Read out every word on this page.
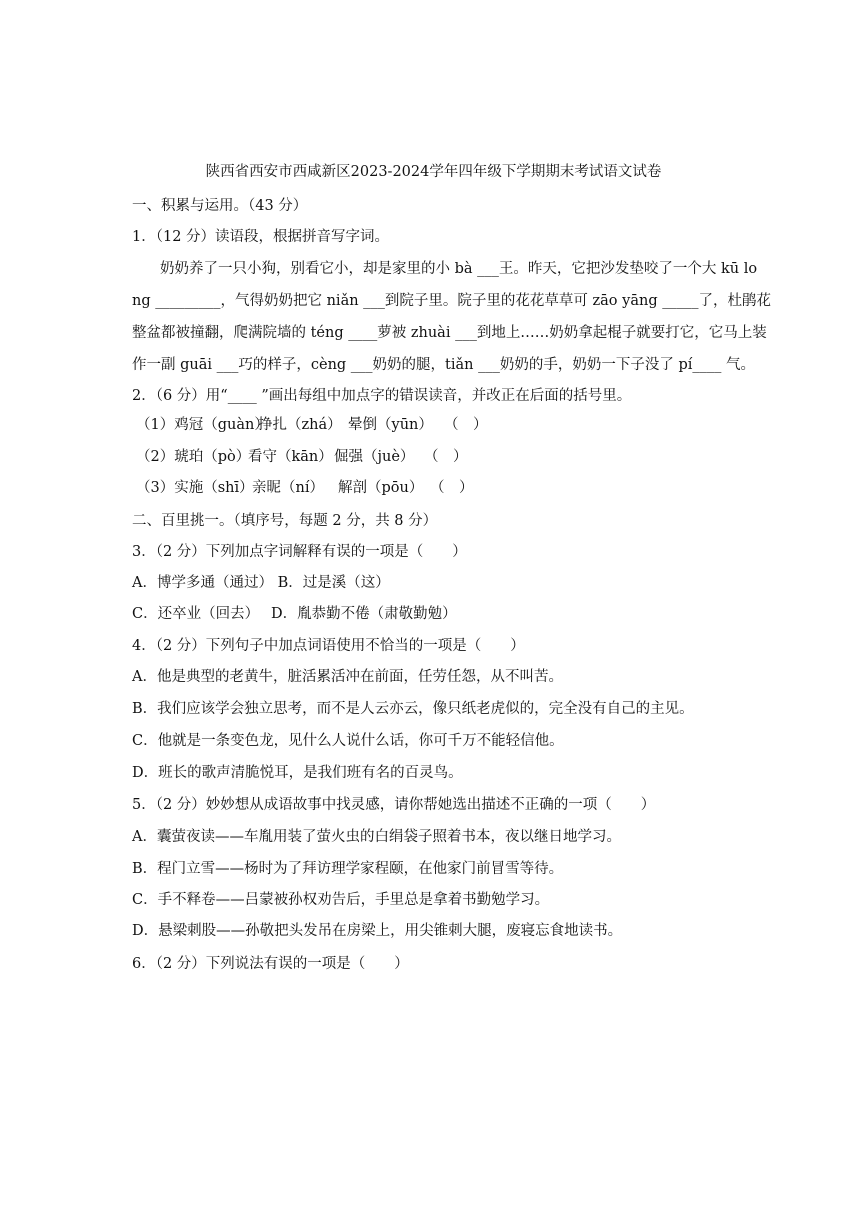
陕西省西安市西咸新区2023-2024学年四年级下学期期末考试语文试卷
一、积累与运用。（43 分）
1．（12 分）读语段，根据拼音写字词。
奶奶养了一只小狗，别看它小，却是家里的小 bà ___王。昨天，它把沙发垫咬了一个大 kū lo
ng _________，气得奶奶把它 niǎn ___到院子里。院子里的花花草草可 zāo yāng _____了，杜鹃花
整盆都被撞翻，爬满院墙的 téng ____萝被 zhuài ___到地上……奶奶拿起棍子就要打它，它马上装
作一副 guāi ___巧的样子，cèng ___奶奶的腿，tiǎn ___奶奶的手，奶奶一下子没了 pí____ 气。
2．（6 分）用“____ ”画出每组中加点字的错误读音，并改正在后面的括号里。
（1）鸡冠（guàn）挣扎（zhá） 晕倒（yūn） （　）
（2）琥珀（pò）看守（kān）倔强（juè） （　）
（3）实施（shī）亲昵（ní） 解剖（pōu） （　）
二、百里挑一。（填序号，每题 2 分，共 8 分）
3．（2 分）下列加点字词解释有误的一项是（　　）
A．博学多通（通过） B．过是溪（这）
C．还卒业（回去）　 D．胤恭勤不倦（肃敬勤勉）
4．（2 分）下列句子中加点词语使用不恰当的一项是（　　）
A．他是典型的老黄牛，脏活累活冲在前面，任劳任怨，从不叫苦。
B．我们应该学会独立思考，而不是人云亦云，像只纸老虎似的，完全没有自己的主见。
C．他就是一条变色龙，见什么人说什么话，你可千万不能轻信他。
D．班长的歌声清脆悦耳，是我们班有名的百灵鸟。
5．（2 分）妙妙想从成语故事中找灵感，请你帮她选出描述不正确的一项（　　）
A．囊萤夜读——车胤用装了萤火虫的白绢袋子照着书本，夜以继日地学习。
B．程门立雪——杨时为了拜访理学家程颐，在他家门前冒雪等待。
C．手不释卷——吕蒙被孙权劝告后，手里总是拿着书勤勉学习。
D．悬梁刺股——孙敬把头发吊在房梁上，用尖锥刺大腿，废寝忘食地读书。
6．（2 分）下列说法有误的一项是（　　）
